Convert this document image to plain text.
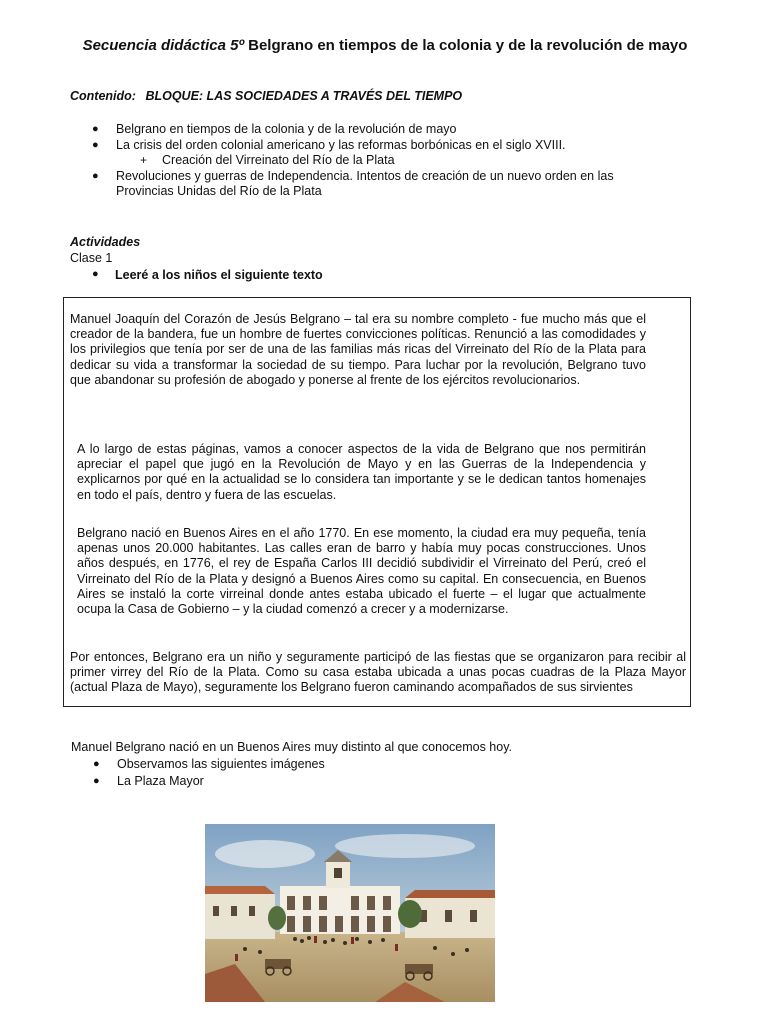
Secuencia didáctica 5º Belgrano en tiempos de la colonia y de la revolución de mayo
Contenido: BLOQUE: LAS SOCIEDADES A TRAVÉS DEL TIEMPO
● Belgrano en tiempos de la colonia y de la revolución de mayo
● La crisis del orden colonial americano y las reformas borbónicas en el siglo XVIII.
+ Creación del Virreinato del Río de la Plata
● Revoluciones y guerras de Independencia. Intentos de creación de un nuevo orden en las Provincias Unidas del Río de la Plata
Actividades
Clase 1
● Leeré a los niños el siguiente texto

Manuel Joaquín del Corazón de Jesús Belgrano – tal era su nombre completo - fue mucho más que el creador de la bandera, fue un hombre de fuertes convicciones políticas. Renunció a las comodidades y los privilegios que tenía por ser de una de las familias más ricas del Virreinato del Río de la Plata para dedicar su vida a transformar la sociedad de su tiempo. Para luchar por la revolución, Belgrano tuvo que abandonar su profesión de abogado y ponerse al frente de los ejércitos revolucionarios.

A lo largo de estas páginas, vamos a conocer aspectos de la vida de Belgrano que nos permitirán apreciar el papel que jugó en la Revolución de Mayo y en las Guerras de la Independencia y explicarnos por qué en la actualidad se lo considera tan importante y se le dedican tantos homenajes en todo el país, dentro y fuera de las escuelas.

Belgrano nació en Buenos Aires en el año 1770. En ese momento, la ciudad era muy pequeña, tenía apenas unos 20.000 habitantes. Las calles eran de barro y había muy pocas construcciones. Unos años después, en 1776, el rey de España Carlos III decidió subdividir el Virreinato del Perú, creó el Virreinato del Río de la Plata y designó a Buenos Aires como su capital. En consecuencia, en Buenos Aires se instaló la corte virreinal donde antes estaba ubicado el fuerte – el lugar que actualmente ocupa la Casa de Gobierno – y la ciudad comenzó a crecer y a modernizarse.

Por entonces, Belgrano era un niño y seguramente participó de las fiestas que se organizaron para recibir al primer virrey del Río de la Plata. Como su casa estaba ubicada a unas pocas cuadras de la Plaza Mayor (actual Plaza de Mayo), seguramente los Belgrano fueron caminando acompañados de sus sirvientes

Manuel Belgrano nació en un Buenos Aires muy distinto al que conocemos hoy.
● Observamos las siguientes imágenes
● La Plaza Mayor
